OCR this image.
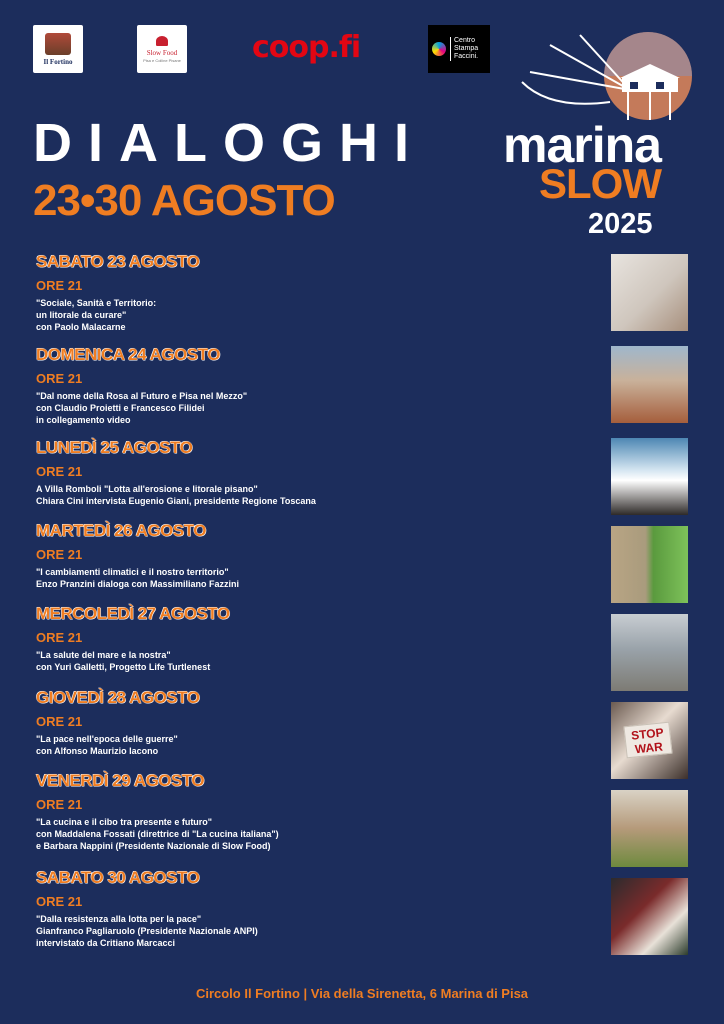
Il Fortino
Slow Food
Pisa e Colline Pisane coop.fi	Centro
Stampa
Faccini.
DIALOGHI
23•30 AGOSTO
marina
SLOW
2025
SABATO 23 AGOSTO
ORE 21
"Sociale, Sanità e Territorio:
un litorale da curare"
con Paolo Malacarne
DOMENICA 24 AGOSTO
ORE 21
"Dal nome della Rosa al Futuro e Pisa nel Mezzo"
con Claudio Proietti e Francesco Filidei
in collegamento video
LUNEDÌ 25 AGOSTO
ORE 21
A Villa Romboli "Lotta all'erosione e litorale pisano"
Chiara Cini intervista Eugenio Giani, presidente Regione Toscana
MARTEDÌ 26 AGOSTO
ORE 21
"I cambiamenti climatici e il nostro territorio"
Enzo Pranzini dialoga con Massimiliano Fazzini
MERCOLEDÌ 27 AGOSTO
ORE 21
"La salute del mare e la nostra"
con Yuri Galletti, Progetto Life Turtlenest
GIOVEDÌ 28 AGOSTO
ORE 21
"La pace nell'epoca delle guerre"
con Alfonso Maurizio Iacono
VENERDÌ 29 AGOSTO
ORE 21
"La cucina e il cibo tra presente e futuro"
con Maddalena Fossati (direttrice di "La cucina italiana")
e Barbara Nappini (Presidente Nazionale di Slow Food)
SABATO 30 AGOSTO
ORE 21
"Dalla resistenza alla lotta per la pace"
Gianfranco Pagliaruolo (Presidente Nazionale ANPI)
intervistato da Critiano Marcacci
STOP
WAR
Circolo Il Fortino | Via della Sirenetta, 6 Marina di Pisa
